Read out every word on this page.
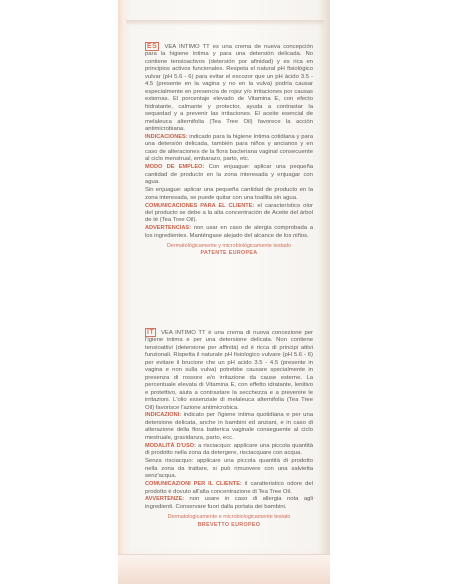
ES VEA INTIMO TT es una crema de nueva concepción para la higiene íntima y para una detersión delicada. No contiene tensioactivos (detersión por afinidad) y es rica en principios activos funcionales. Respeta el natural pH fisiológico vulvar (pH 5.6 - 6) para evitar el escozor que un pH ácido 3.5 - 4.5 (presente en la vagina y no en la vulva) podría causar especialmente en presencia de rojez y/o irritaciones por causas externas. El porcentaje elevado de Vitamina E, con efecto hidratante, calmante y protector, ayuda a contrastar la sequedad y a prevenir las irritaciones. El aceite esencial de melaleuca alternifolia (Tea Tree Oil) favorece la acción antimicrobiana.

INDICACIONES: indicado para la higiene íntima cotidiana y para una detersión delicada, también para niños y ancianos y en caso de alteraciones de la flora bacteriana vaginal consecuente al ciclo menstrual, embarazo, parto, etc.

MODO DE EMPLEO: Con enjuague: aplicar una pequeña cantidad de producto en la zona interesada y enjuagar con agua.

Sin enjuague: aplicar una pequeña cantidad de producto en la zona interesada, se puede quitar con una toallita sin agua.

COMUNICACIONES PARA EL CLIENTE: el característico olor del producto se debe a la alta concentración de Aceite del árbol de té (Tea Tree Oil).

ADVERTENCIAS: non usar en caso de alergia comprobada a los ingredientes. Manténgase alejado del alcance de los niños.

Dermatológicamente y microbiológicamente testado
PATENTE EUROPEA

IT VEA INTIMO TT è una crema di nuova concezione per l'igiene intima e per una detersione delicata. Non contiene tensioattivi (detersione per affinità) ed è ricca di principi attivi funzionali. Rispetta il naturale pH fisiologico vulvare (pH 5.6 - 6) per evitare il bruciore che un pH acido 3.5 - 4.5 (presente in vagina e non sulla vulva) potrebbe causare specialmente in presenza di rossore e/o irritazione da cause esterne. La percentuale elevata di Vitamina E, con effetto idratante, lenitivo e protettivo, aiuta a contrastare la secchezza e a prevenire le irritazioni. L'olio essenziale di melaleuca alternifolia (Tea Tree Oil) favorisce l'azione antimicrobica.

INDICAZIONI: indicato per l'igiene intima quotidiana e per una detersione delicata, anche in bambini ed anziani, e in caso di alterazione della flora batterica vaginale conseguente al ciclo mestruale, gravidanza, parto, ecc.

MODALITÀ D'USO: a risciacquo: applicare una piccola quantità di prodotto nella zona da detergere, risciacquare con acqua.

Senza risciacquo: applicare una piccola quantità di prodotto nella zona da trattare, si può rimuovere con una salvietta senz'acqua.

COMUNICAZIONI PER IL CLIENTE: il caratteristico odore del prodotto è dovuto all'alta concentrazione di Tea Tree Oil.

AVVERTENZE: non usare in caso di allergia nota agli ingredienti. Conservare fuori dalla portata dei bambini.

Dermatologicamente e microbiologicamente testato
BREVETTO EUROPEO
